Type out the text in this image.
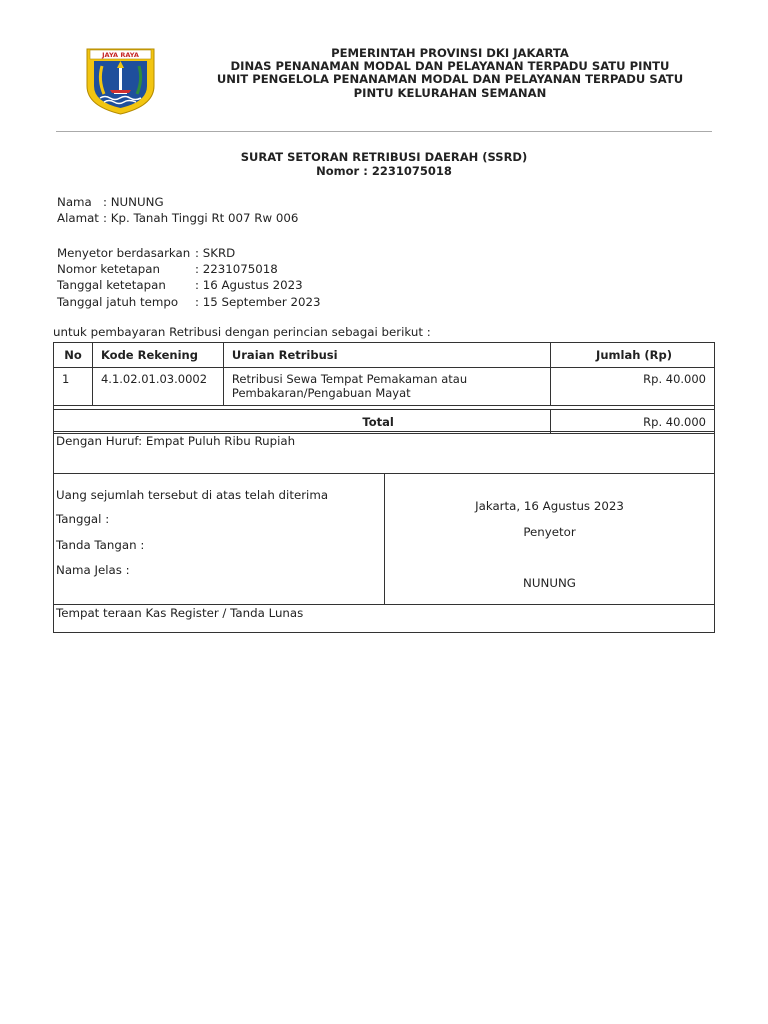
JAYA RAYA	PEMERINTAH PROVINSI DKI JAKARTA
DINAS PENANAMAN MODAL DAN PELAYANAN TERPADU SATU PINTU
UNIT PENGELOLA PENANAMAN MODAL DAN PELAYANAN TERPADU SATU
PINTU KELURAHAN SEMANAN
SURAT SETORAN RETRIBUSI DAERAH (SSRD)
Nomor : 2231075018
Nama : NUNUNG
Alamat : Kp. Tanah Tinggi Rt 007 Rw 006
Menyetor berdasarkan : SKRD
Nomor ketetapan	: 2231075018
Tanggal ketetapan	: 16 Agustus 2023
Tanggal jatuh tempo	: 15 September 2023
untuk pembayaran Retribusi dengan perincian sebagai berikut :
No	Kode Rekening	Uraian Retribusi	Jumlah (Rp)
1	4.1.02.01.03.0002	Retribusi Sewa Tempat Pemakaman atau Pembakaran/Pengabuan Mayat	Rp. 40.000

Total			Rp. 40.000
Dengan Huruf: Empat Puluh Ribu Rupiah
Uang sejumlah tersebut di atas telah diterima
Tanggal :
Tanda Tangan :
Nama Jelas :
Jakarta, 16 Agustus 2023
Penyetor
NUNUNG
Tempat teraan Kas Register / Tanda Lunas
